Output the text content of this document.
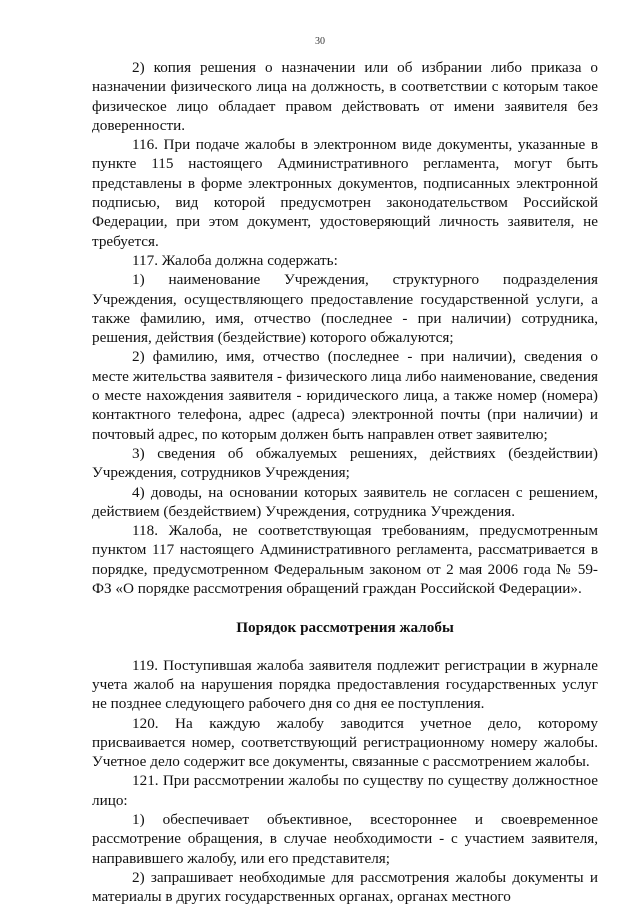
30

2) копия решения о назначении или об избрании либо приказа о назначении физического лица на должность, в соответствии с которым такое физическое лицо обладает правом действовать от имени заявителя без доверенности.

116. При подаче жалобы в электронном виде документы, указанные в пункте 115 настоящего Административного регламента, могут быть представлены в форме электронных документов, подписанных электронной подписью, вид которой предусмотрен законодательством Российской Федерации, при этом документ, удостоверяющий личность заявителя, не требуется.

117. Жалоба должна содержать:

1) наименование Учреждения, структурного подразделения Учреждения, осуществляющего предоставление государственной услуги, а также фамилию, имя, отчество (последнее - при наличии) сотрудника, решения, действия (бездействие) которого обжалуются;

2) фамилию, имя, отчество (последнее - при наличии), сведения о месте жительства заявителя - физического лица либо наименование, сведения о месте нахождения заявителя - юридического лица, а также номер (номера) контактного телефона, адрес (адреса) электронной почты (при наличии) и почтовый адрес, по которым должен быть направлен ответ заявителю;

3) сведения об обжалуемых решениях, действиях (бездействии) Учреждения, сотрудников Учреждения;

4) доводы, на основании которых заявитель не согласен с решением, действием (бездействием) Учреждения, сотрудника Учреждения.

118. Жалоба, не соответствующая требованиям, предусмотренным пунктом 117 настоящего Административного регламента, рассматривается в порядке, предусмотренном Федеральным законом от 2 мая 2006 года № 59-ФЗ «О порядке рассмотрения обращений граждан Российской Федерации».

Порядок рассмотрения жалобы

119. Поступившая жалоба заявителя подлежит регистрации в журнале учета жалоб на нарушения порядка предоставления государственных услуг не позднее следующего рабочего дня со дня ее поступления.

120. На каждую жалобу заводится учетное дело, которому присваивается номер, соответствующий регистрационному номеру жалобы. Учетное дело содержит все документы, связанные с рассмотрением жалобы.

121. При рассмотрении жалобы по существу по существу должностное лицо:

1) обеспечивает объективное, всестороннее и своевременное рассмотрение обращения, в случае необходимости - с участием заявителя, направившего жалобу, или его представителя;

2) запрашивает необходимые для рассмотрения жалобы документы и материалы в других государственных органах, органах местного
